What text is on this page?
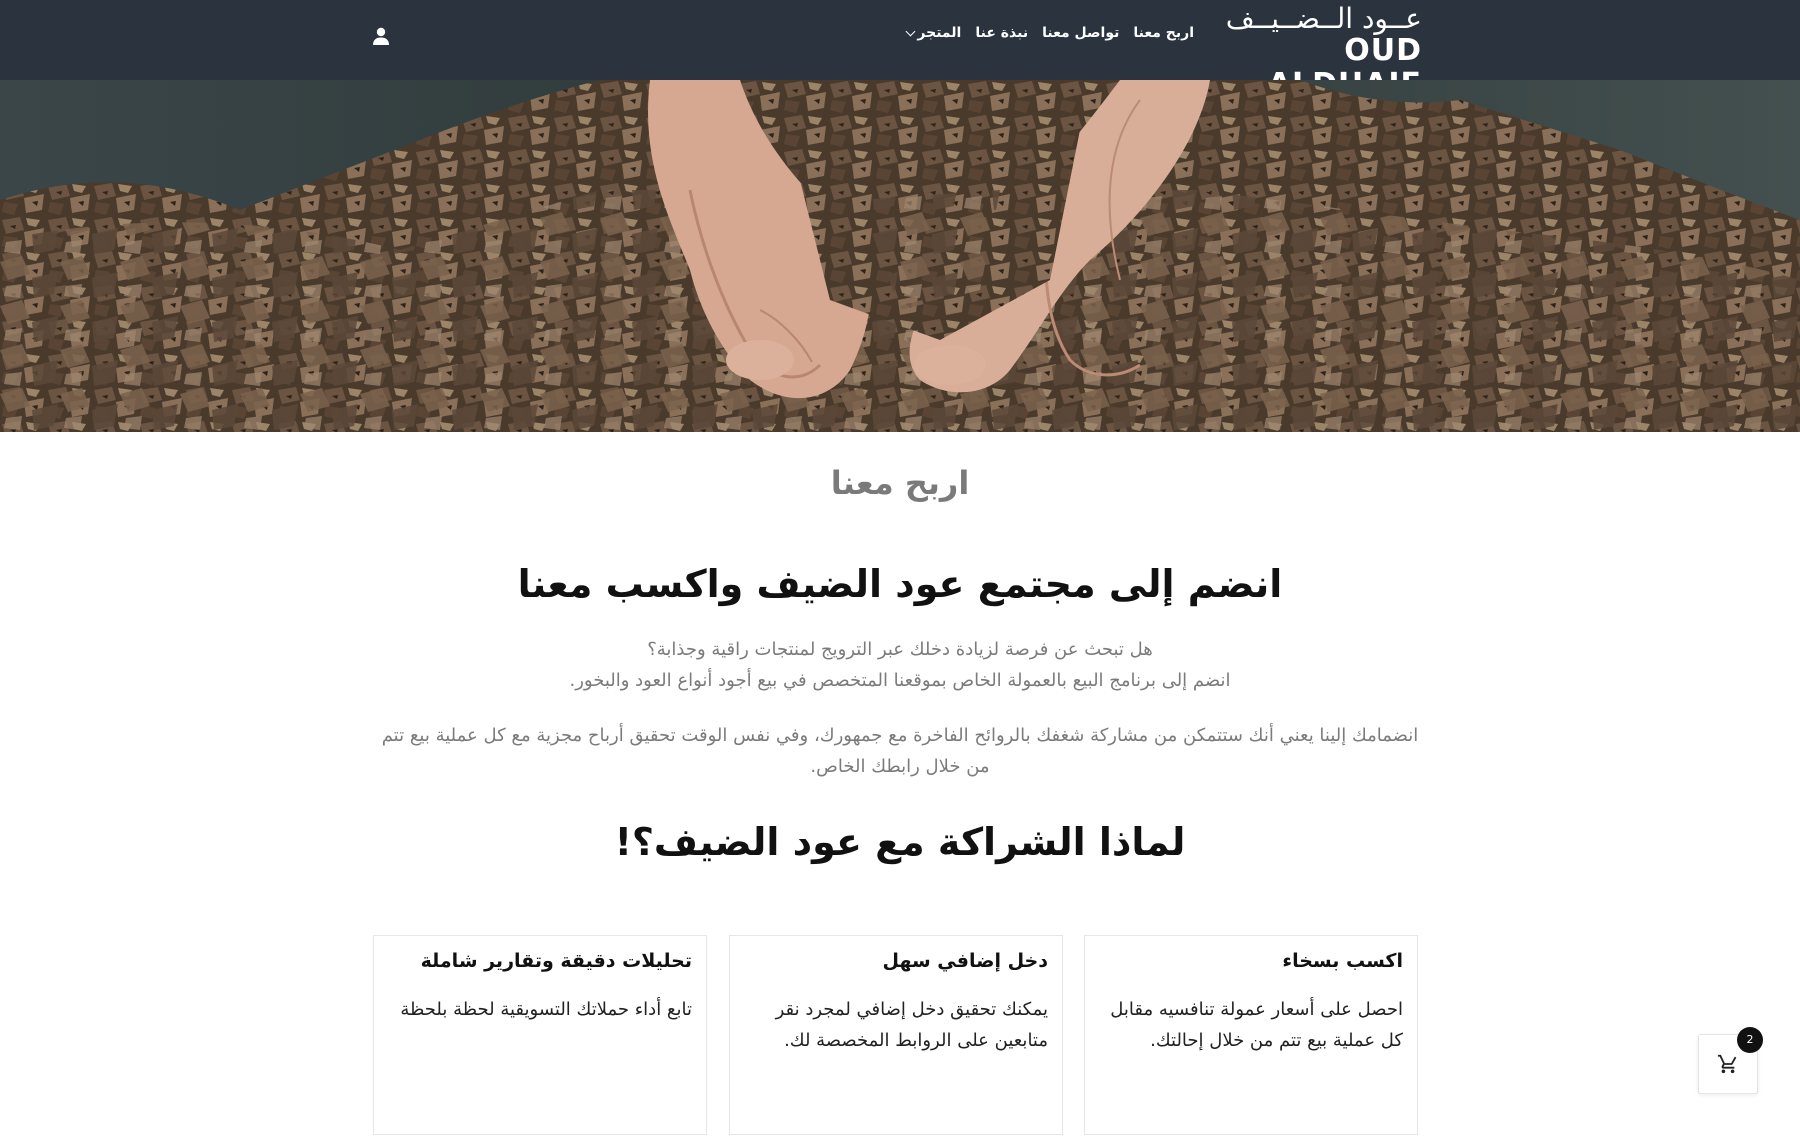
عــود الــضــيــف
OUD
المتجر نبذة عنا تواصل معنا اربح معنا
اربح معنا
انضم إلى مجتمع عود الضيف واكسب معنا
هل تبحث عن فرصة لزيادة دخلك عبر الترويج لمنتجات راقية وجذابة؟
انضم إلى برنامج البيع بالعمولة الخاص بموقعنا المتخصص في بيع أجود أنواع العود والبخور.
انضمامك إلينا يعني أنك ستتمكن من مشاركة شغفك بالروائح الفاخرة مع جمهورك، وفي نفس الوقت تحقيق أرباح مجزية مع كل عملية بيع تتم من خلال رابطك الخاص.
لماذا الشراكة مع عود الضيف؟!
اكسب بسخاء
احصل على أسعار عمولة تنافسيه مقابل كل عملية بيع تتم من خلال إحالتك.
دخل إضافي سهل
يمكنك تحقيق دخل إضافي لمجرد نقر متابعين على الروابط المخصصة لك.
تحليلات دقيقة وتقارير شاملة
تابع أداء حملاتك التسويقية لحظة بلحظة
2
